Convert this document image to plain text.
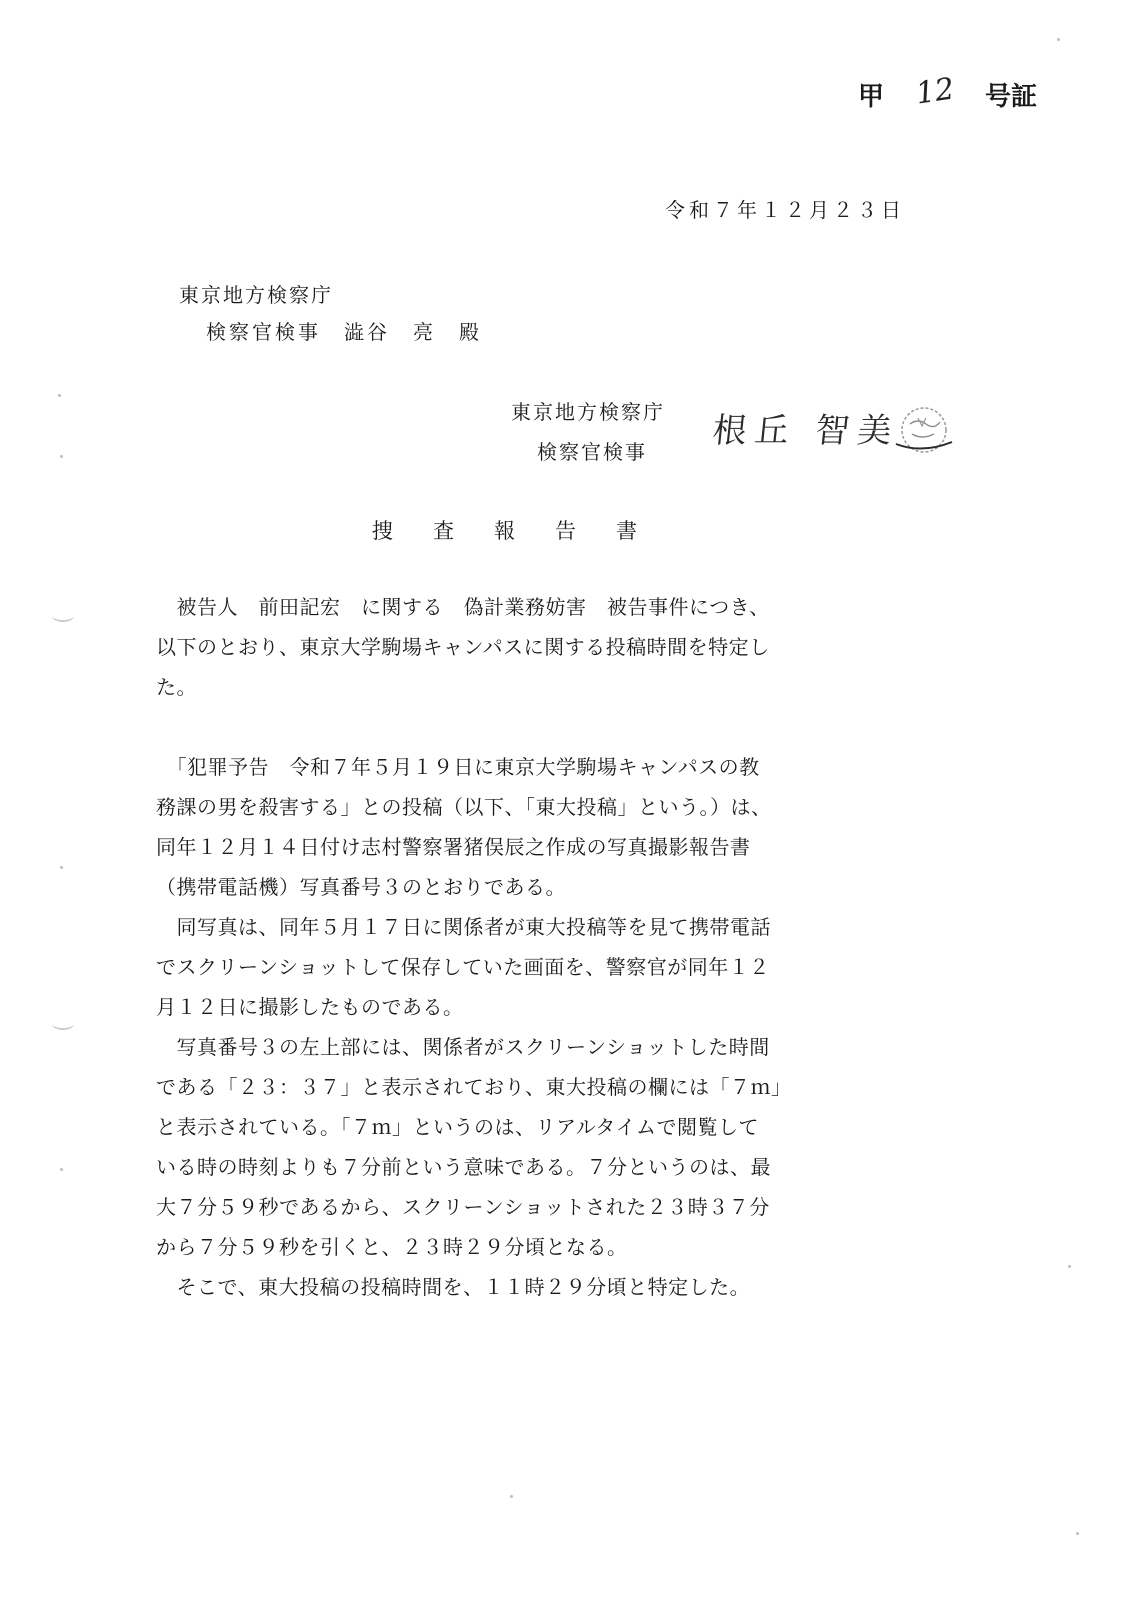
甲 12 号証
令和７年１２月２３日
東京地方検察庁
検察官検事　澁谷　亮　殿
東京地方検察庁
検察官検事
根丘 智美
捜査報告書
　被告人　前田記宏　に関する　偽計業務妨害　被告事件につき、
以下のとおり、東京大学駒場キャンパスに関する投稿時間を特定し
た。
　「犯罪予告　令和７年５月１９日に東京大学駒場キャンパスの教
務課の男を殺害する」との投稿（以下、「東大投稿」という。）は、
同年１２月１４日付け志村警察署猪俣辰之作成の写真撮影報告書
（携帯電話機）写真番号３のとおりである。
　同写真は、同年５月１７日に関係者が東大投稿等を見て携帯電話
でスクリーンショットして保存していた画面を、警察官が同年１２
月１２日に撮影したものである。
　写真番号３の左上部には、関係者がスクリーンショットした時間
である「２３：３７」と表示されており、東大投稿の欄には「７ｍ」
と表示されている。「７ｍ」というのは、リアルタイムで閲覧して
いる時の時刻よりも７分前という意味である。７分というのは、最
大７分５９秒であるから、スクリーンショットされた２３時３７分
から７分５９秒を引くと、２３時２９分頃となる。
　そこで、東大投稿の投稿時間を、１１時２９分頃と特定した。
